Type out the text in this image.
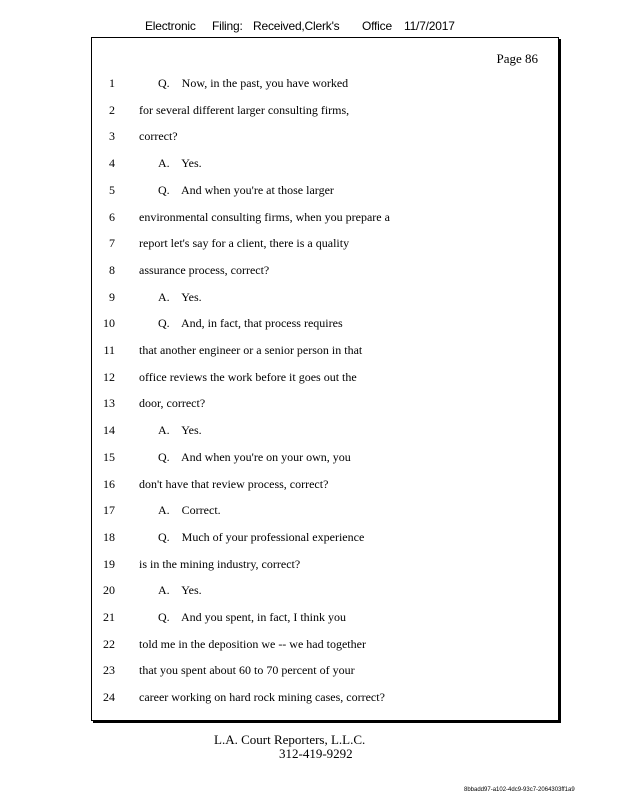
Electronic Filing: Received,Clerk's Office 11/7/2017
Page 86
1	Q.    Now, in the past, you have worked
2 for several different larger consulting firms,
3 correct?
4	A.    Yes.
5	Q.    And when you're at those larger
6 environmental consulting firms, when you prepare a
7 report let's say for a client, there is a quality
8 assurance process, correct?
9	A.    Yes.
10	Q.    And, in fact, that process requires
11 that another engineer or a senior person in that
12 office reviews the work before it goes out the
13 door, correct?
14	A.    Yes.
15	Q.    And when you're on your own, you
16 don't have that review process, correct?
17	A.    Correct.
18	Q.    Much of your professional experience
19 is in the mining industry, correct?
20	A.    Yes.
21	Q.    And you spent, in fact, I think you
22 told me in the deposition we -- we had together
23 that you spent about 60 to 70 percent of your
24 career working on hard rock mining cases, correct?
L.A. Court Reporters, L.L.C.
312-419-9292
8bbadd97-a102-4dc9-93c7-2064303ff1a9
